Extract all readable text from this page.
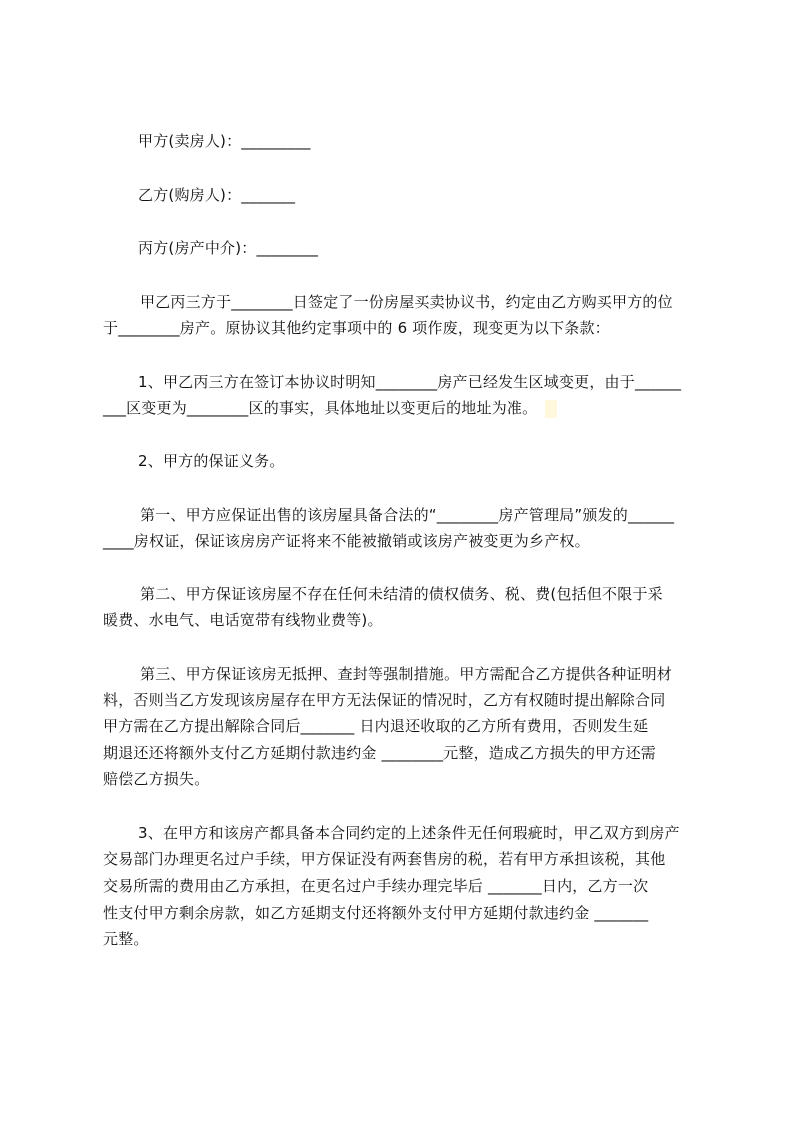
甲方(卖房人)：_________
乙方(购房人)：_______
丙方(房产中介)：________
甲乙丙三方于________日签定了一份房屋买卖协议书，约定由乙方购买甲方的位
于________房产。原协议其他约定事项中的 6 项作废，现变更为以下条款：
1、甲乙丙三方在签订本协议时明知________房产已经发生区域变更，由于______
___区变更为________区的事实，具体地址以变更后的地址为准。
2、甲方的保证义务。
第一、甲方应保证出售的该房屋具备合法的“________房产管理局”颁发的______
____房权证，保证该房房产证将来不能被撤销或该房产被变更为乡产权。
第二、甲方保证该房屋不存在任何未结清的债权债务、税、费(包括但不限于采
暖费、水电气、电话宽带有线物业费等)。
第三、甲方保证该房无抵押、查封等强制措施。甲方需配合乙方提供各种证明材
料，否则当乙方发现该房屋存在甲方无法保证的情况时，乙方有权随时提出解除合同
甲方需在乙方提出解除合同后_______ 日内退还收取的乙方所有费用，否则发生延
期退还还将额外支付乙方延期付款违约金 ________元整，造成乙方损失的甲方还需
赔偿乙方损失。
3、在甲方和该房产都具备本合同约定的上述条件无任何瑕疵时，甲乙双方到房产
交易部门办理更名过户手续，甲方保证没有两套售房的税，若有甲方承担该税，其他
交易所需的费用由乙方承担，在更名过户手续办理完毕后 _______日内，乙方一次
性支付甲方剩余房款，如乙方延期支付还将额外支付甲方延期付款违约金 _______
元整。
